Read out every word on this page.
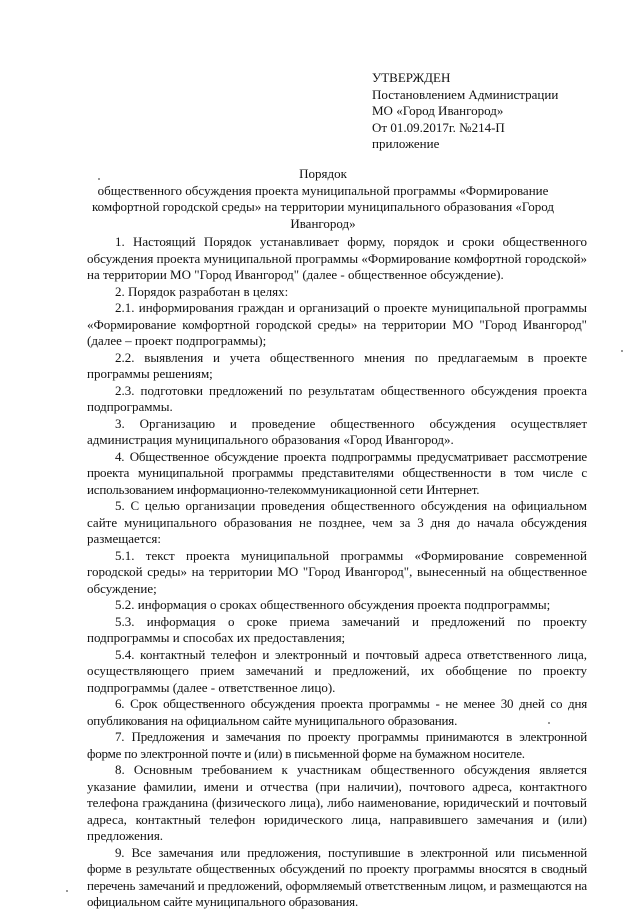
УТВЕРЖДЕН
Постановлением Администрации
МО «Город Ивангород»
От 01.09.2017г. №214-П
приложение
Порядок
общественного обсуждения проекта муниципальной программы «Формирование комфортной городской среды» на территории муниципального образования «Город Ивангород»

1. Настоящий Порядок устанавливает форму, порядок и сроки общественного обсуждения проекта муниципальной программы «Формирование комфортной городской» на территории МО "Город Ивангород" (далее - общественное обсуждение).

2. Порядок разработан в целях:

2.1. информирования граждан и организаций о проекте муниципальной программы «Формирование комфортной городской среды» на территории МО "Город Ивангород" (далее – проект подпрограммы);

2.2. выявления и учета общественного мнения по предлагаемым в проекте программы решениям;

2.3. подготовки предложений по результатам общественного обсуждения проекта подпрограммы.

3. Организацию и проведение общественного обсуждения осуществляет администрация муниципального образования «Город Ивангород».

4. Общественное обсуждение проекта подпрограммы предусматривает рассмотрение проекта муниципальной программы представителями общественности в том числе с использованием информационно-телекоммуникационной сети Интернет.

5. С целью организации проведения общественного обсуждения на официальном сайте муниципального образования не позднее, чем за 3 дня до начала обсуждения размещается:

5.1. текст проекта муниципальной программы «Формирование современной городской среды» на территории МО "Город Ивангород", вынесенный на общественное обсуждение;

5.2. информация о сроках общественного обсуждения проекта подпрограммы;

5.3. информация о сроке приема замечаний и предложений по проекту подпрограммы и способах их предоставления;

5.4. контактный телефон и электронный и почтовый адреса ответственного лица, осуществляющего прием замечаний и предложений, их обобщение по проекту подпрограммы (далее - ответственное лицо).

6. Срок общественного обсуждения проекта программы - не менее 30 дней со дня опубликования на официальном сайте муниципального образования.

7. Предложения и замечания по проекту программы принимаются в электронной форме по электронной почте и (или) в письменной форме на бумажном носителе.

8. Основным требованием к участникам общественного обсуждения является указание фамилии, имени и отчества (при наличии), почтового адреса, контактного телефона гражданина (физического лица), либо наименование, юридический и почтовый адреса, контактный телефон юридического лица, направившего замечания и (или) предложения.

9. Все замечания или предложения, поступившие в электронной или письменной форме в результате общественных обсуждений по проекту программы вносятся в сводный перечень замечаний и предложений, оформляемый ответственным лицом, и размещаются на официальном сайте муниципального образования.
